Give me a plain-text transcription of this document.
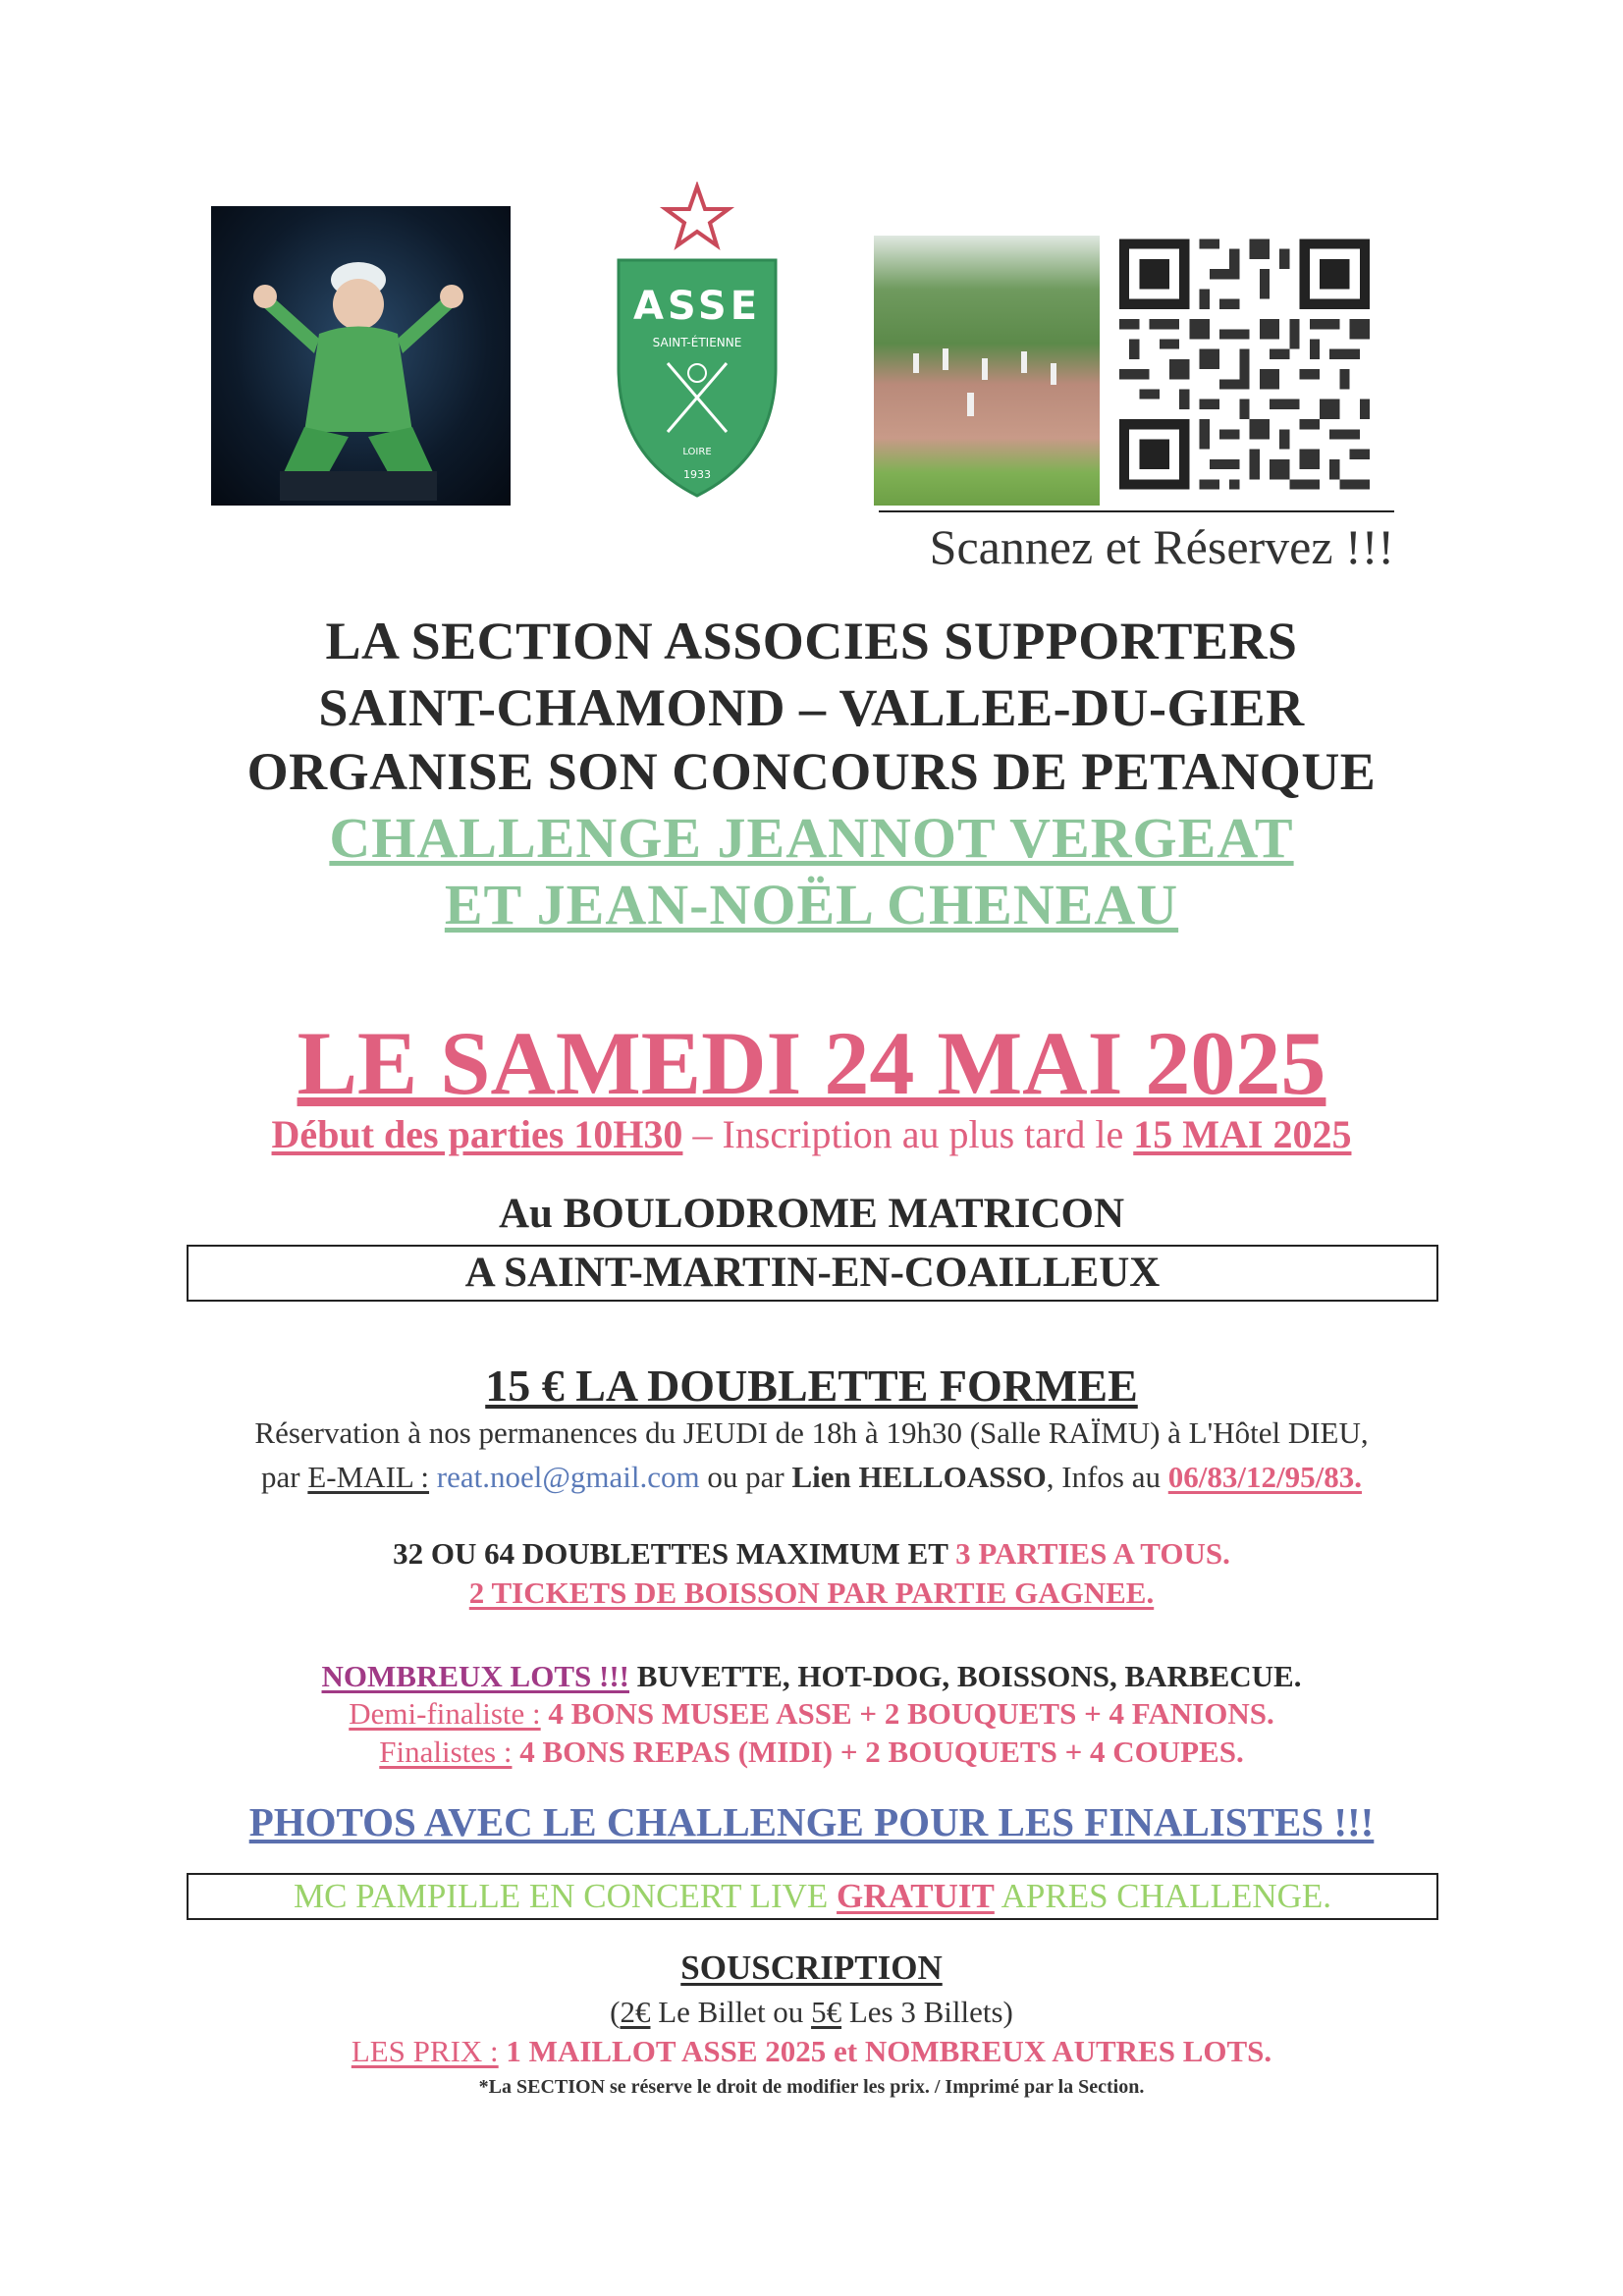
ASSE
SAINT-ÉTIENNE
LOIRE
1933
Scannez et Réservez !!!
LA SECTION ASSOCIES SUPPORTERS
SAINT-CHAMOND – VALLEE-DU-GIER
ORGANISE SON CONCOURS DE PETANQUE
CHALLENGE JEANNOT VERGEAT
ET JEAN-NOËL CHENEAU
LE SAMEDI 24 MAI 2025
Début des parties 10H30 – Inscription au plus tard le 15 MAI 2025
Au BOULODROME MATRICON
A SAINT-MARTIN-EN-COAILLEUX
15 € LA DOUBLETTE FORMEE
Réservation à nos permanences du JEUDI de 18h à 19h30 (Salle RAÏMU) à L'Hôtel DIEU,
par E-MAIL : reat.noel@gmail.com ou par Lien HELLOASSO, Infos au 06/83/12/95/83.
32 OU 64 DOUBLETTES MAXIMUM ET 3 PARTIES A TOUS.
2 TICKETS DE BOISSON PAR PARTIE GAGNEE.
NOMBREUX LOTS !!! BUVETTE, HOT-DOG, BOISSONS, BARBECUE.
Demi-finaliste : 4 BONS MUSEE ASSE + 2 BOUQUETS + 4 FANIONS.
Finalistes : 4 BONS REPAS (MIDI) + 2 BOUQUETS + 4 COUPES.
PHOTOS AVEC LE CHALLENGE POUR LES FINALISTES !!!
MC PAMPILLE EN CONCERT LIVE GRATUIT APRES CHALLENGE.
SOUSCRIPTION
(2€ Le Billet ou 5€ Les 3 Billets)
LES PRIX : 1 MAILLOT ASSE 2025 et NOMBREUX AUTRES LOTS.
*La SECTION se réserve le droit de modifier les prix. / Imprimé par la Section.
